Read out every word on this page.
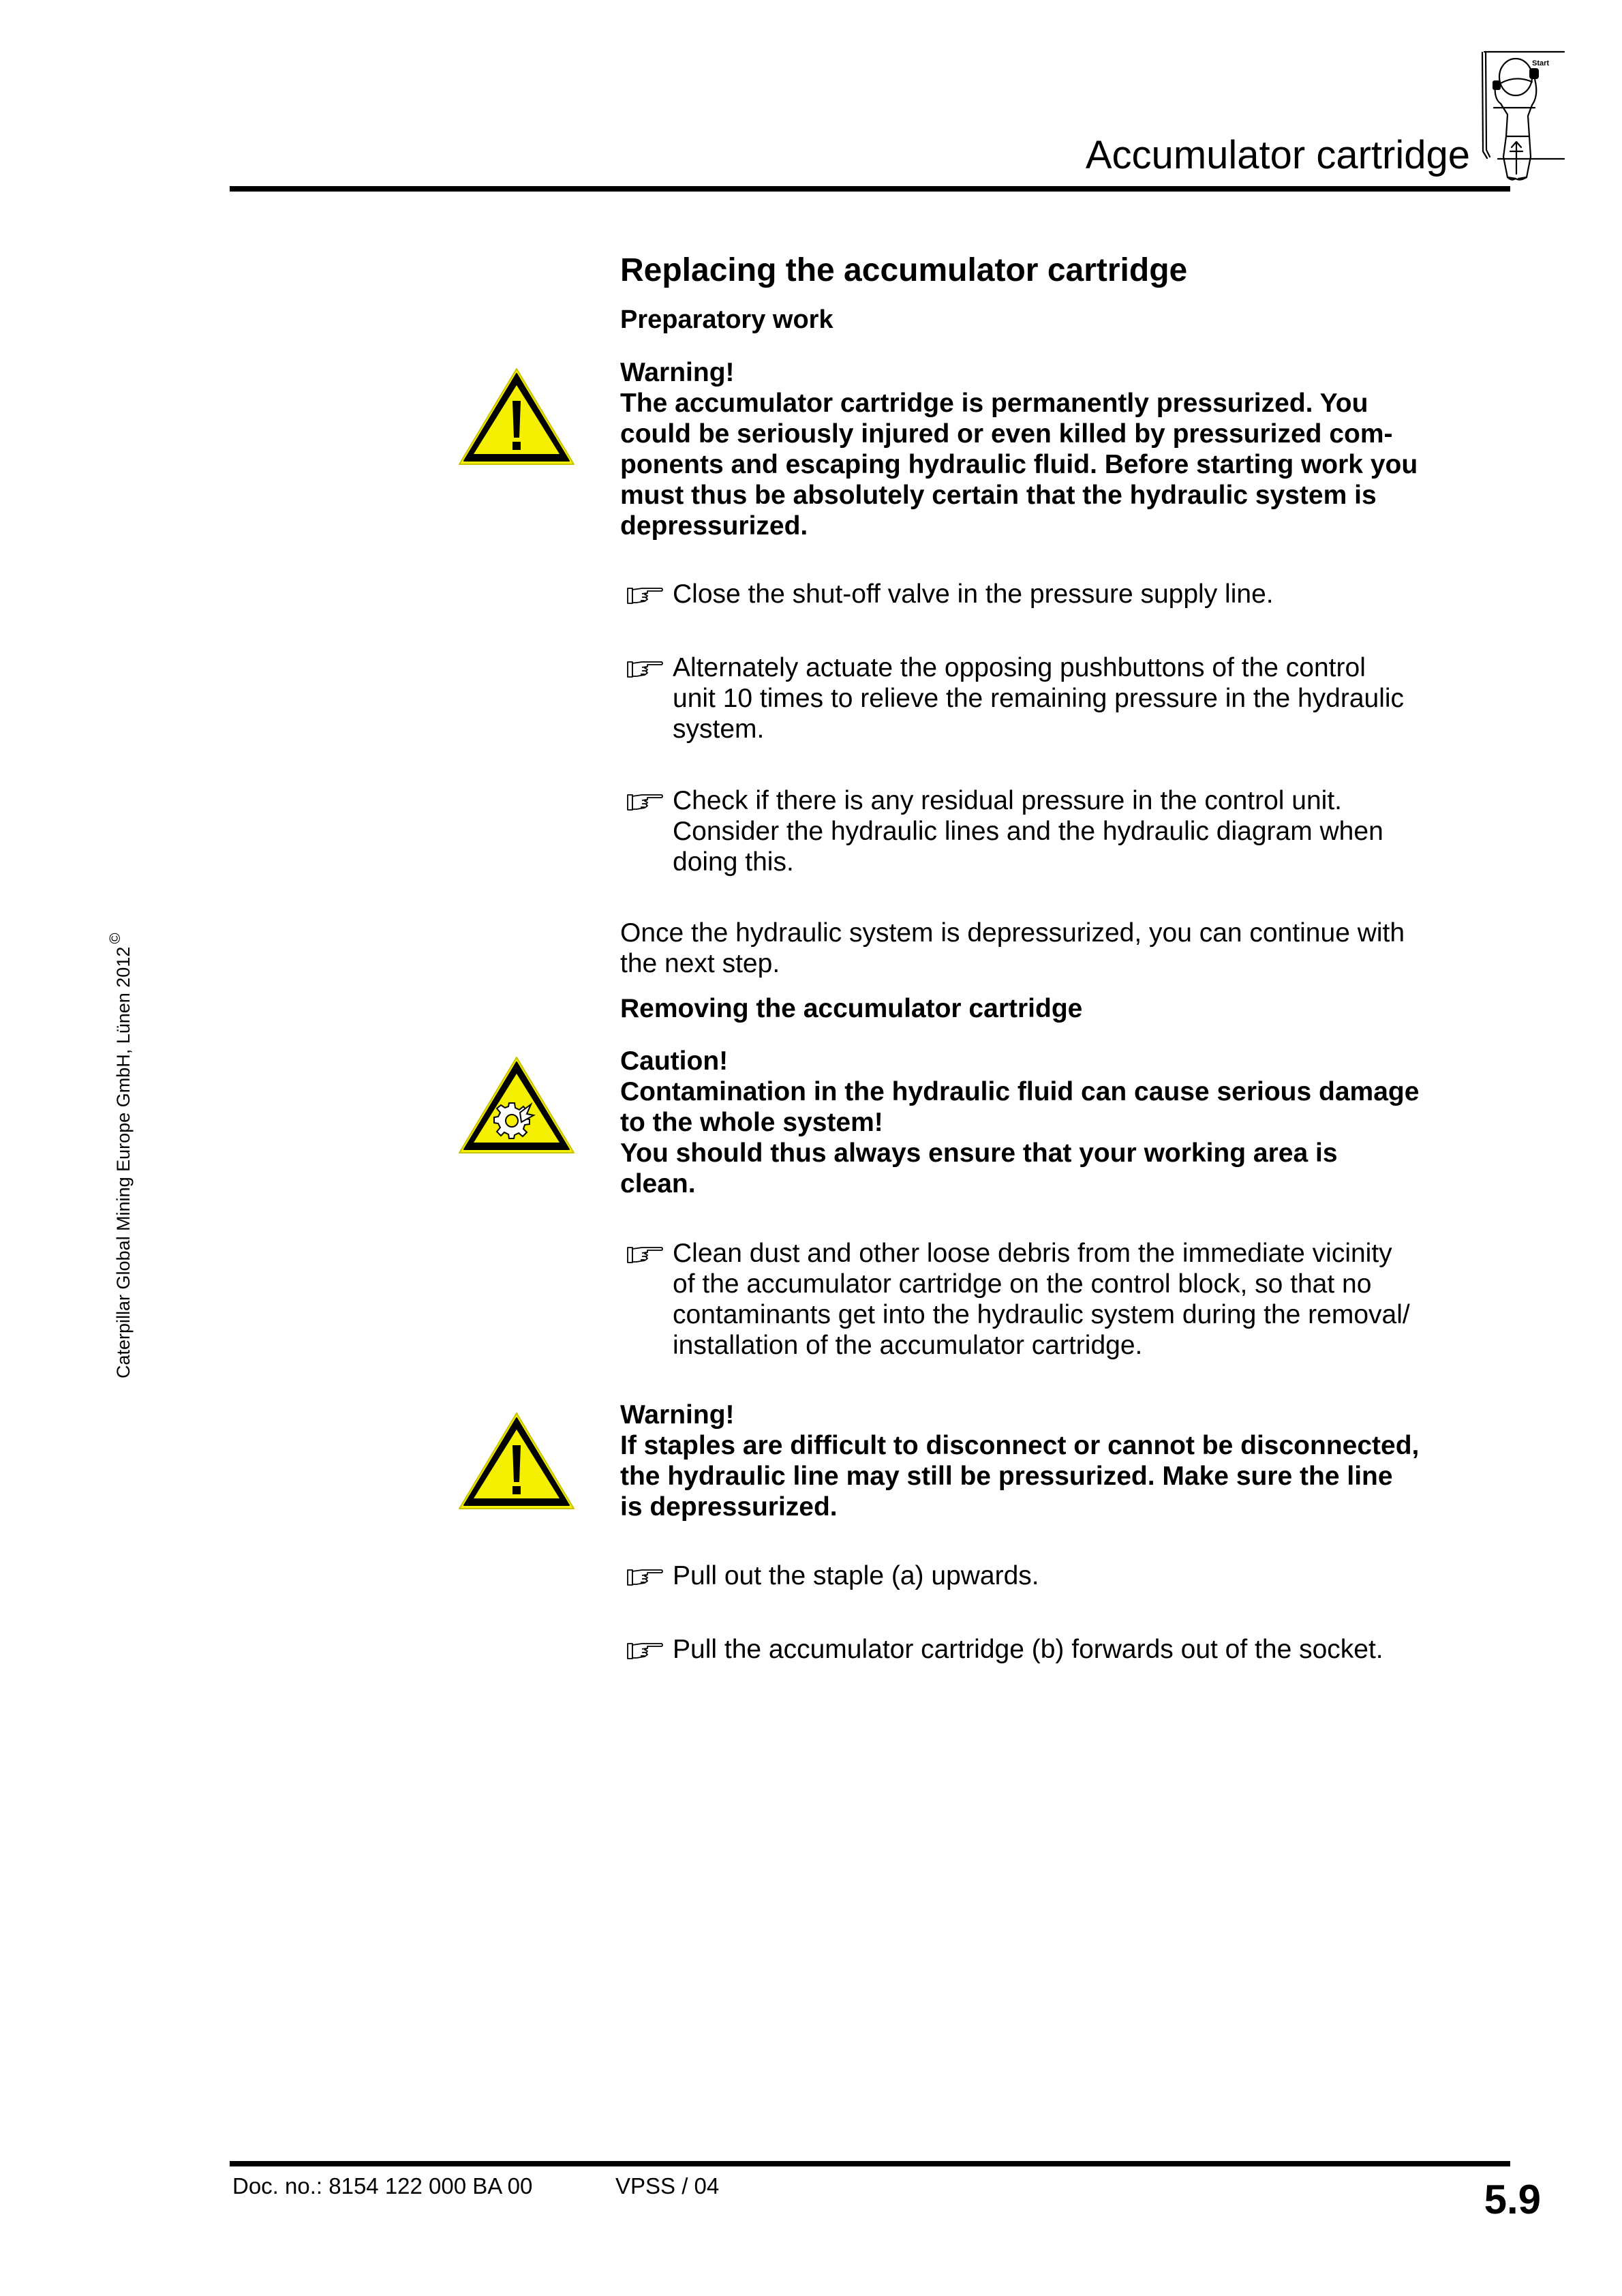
Accumulator cartridge
Start
Caterpillar Global Mining Europe GmbH, Lünen 2012©
Replacing the accumulator cartridge
Preparatory work
Warning!
The accumulator cartridge is permanently pressurized. You
could be seriously injured or even killed by pressurized com-
ponents and escaping hydraulic fluid. Before starting work you
must thus be absolutely certain that the hydraulic system is
depressurized.
Close the shut-off valve in the pressure supply line.
Alternately actuate the opposing pushbuttons of the control
unit 10 times to relieve the remaining pressure in the hydraulic
system.
Check if there is any residual pressure in the control unit.
Consider the hydraulic lines and the hydraulic diagram when
doing this.
Once the hydraulic system is depressurized, you can continue with
the next step.
Removing the accumulator cartridge
Caution!
Contamination in the hydraulic fluid can cause serious damage
to the whole system!
You should thus always ensure that your working area is
clean.
Clean dust and other loose debris from the immediate vicinity
of the accumulator cartridge on the control block, so that no
contaminants get into the hydraulic system during the removal/
installation of the accumulator cartridge.
Warning!
If staples are difficult to disconnect or cannot be disconnected,
the hydraulic line may still be pressurized. Make sure the line
is depressurized.
Pull out the staple (a) upwards.
Pull the accumulator cartridge (b) forwards out of the socket.
Doc. no.: 8154 122 000 BA 00	VPSS / 04	5.9
